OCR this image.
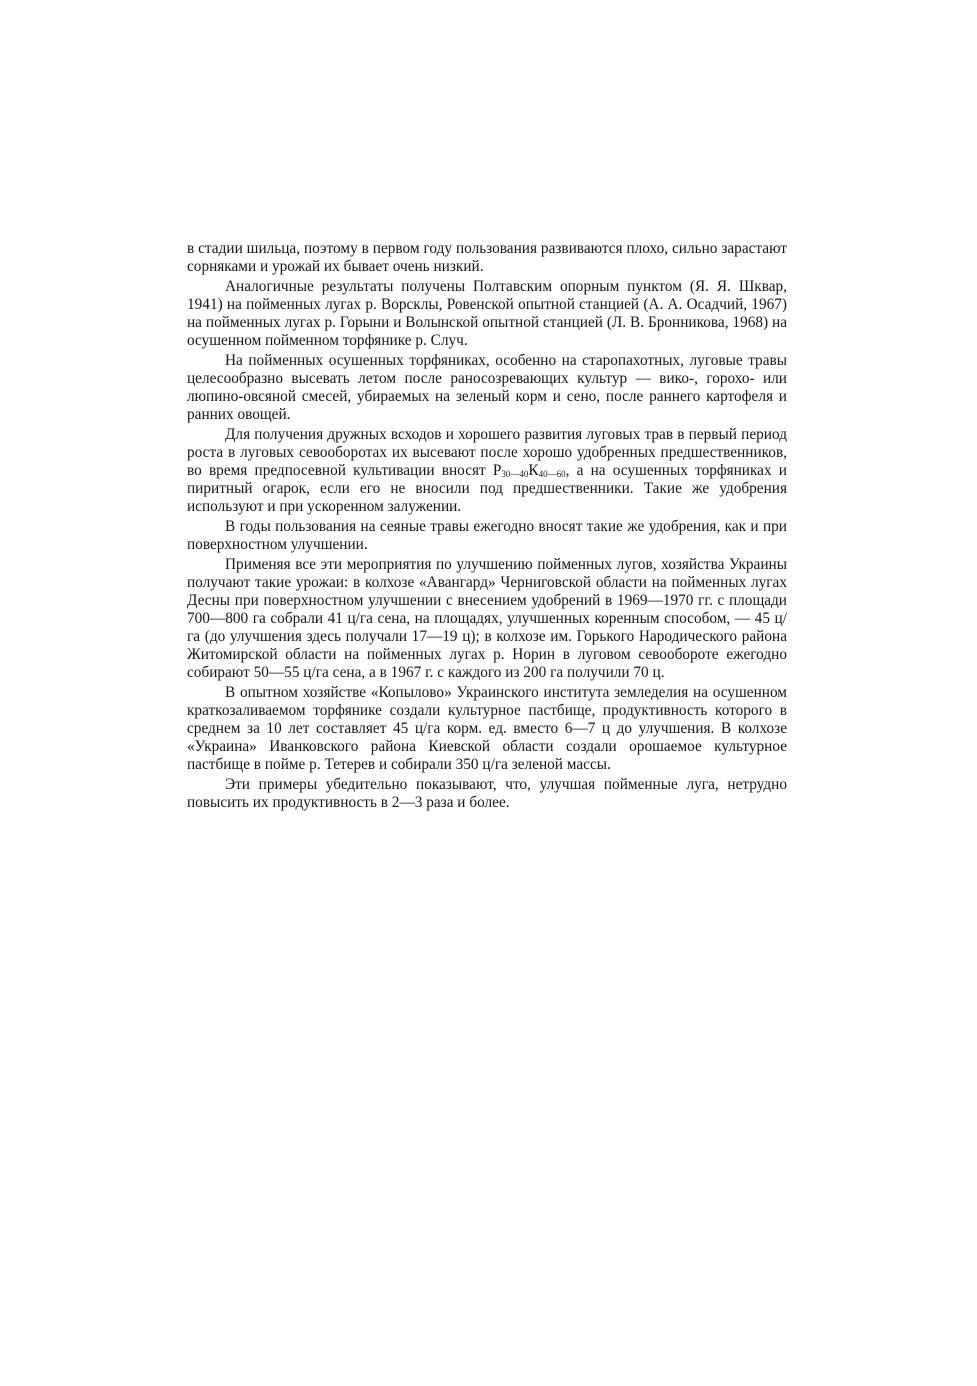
в стадии шильца, поэтому в первом году пользования развиваются плохо, сильно зарастают сорняками и урожай их бывает очень низкий.

Аналогичные результаты получены Полтавским опорным пунктом (Я. Я. Шквар, 1941) на пойменных лугах р. Ворсклы, Ровенской опытной станцией (А. А. Осадчий, 1967) на пойменных лугах р. Горыни и Волынской опытной станцией (Л. В. Бронникова, 1968) на осушенном пойменном торфянике р. Случ.

На пойменных осушенных торфяниках, особенно на старопахотных, луговые травы целесообразно высевать летом после раносозревающих культур — вико-, горохо- или люпино-овсяной смесей, убираемых на зеленый корм и сено, после раннего картофеля и ранних овощей.

Для получения дружных всходов и хорошего развития луговых трав в первый период роста в луговых севооборотах их высевают после хорошо удобренных предшественников, во время предпосевной культивации вносят $Р_{30—40}К_{40—60}$, а на осушенных торфяниках и пиритный огарок, если его не вносили под предшественники. Такие же удобрения используют и при ускоренном залужении.

В годы пользования на сеяные травы ежегодно вносят такие же удобрения, как и при поверхностном улучшении.

Применяя все эти мероприятия по улучшению пойменных лугов, хозяйства Украины получают такие урожаи: в колхозе «Авангард» Черниговской области на пойменных лугах Десны при поверхностном улучшении с внесением удобрений в 1969—1970 гг. с площади 700—800 га собрали 41 ц/га сена, на площадях, улучшенных коренным способом, — 45 ц/га (до улучшения здесь получали 17—19 ц); в колхозе им. Горького Народического района Житомирской области на пойменных лугах р. Норин в луговом севообороте ежегодно собирают 50—55 ц/га сена, а в 1967 г. с каждого из 200 га получили 70 ц.

В опытном хозяйстве «Копылово» Украинского института земледелия на осушенном краткозаливаемом торфянике создали культурное пастбище, продуктивность которого в среднем за 10 лет составляет 45 ц/га корм. ед. вместо 6—7 ц до улучшения. В колхозе «Украина» Иванковского района Киевской области создали орошаемое культурное пастбище в пойме р. Тетерев и собирали 350 ц/га зеленой массы.

Эти примеры убедительно показывают, что, улучшая пойменные луга, нетрудно повысить их продуктивность в 2—3 раза и более.
